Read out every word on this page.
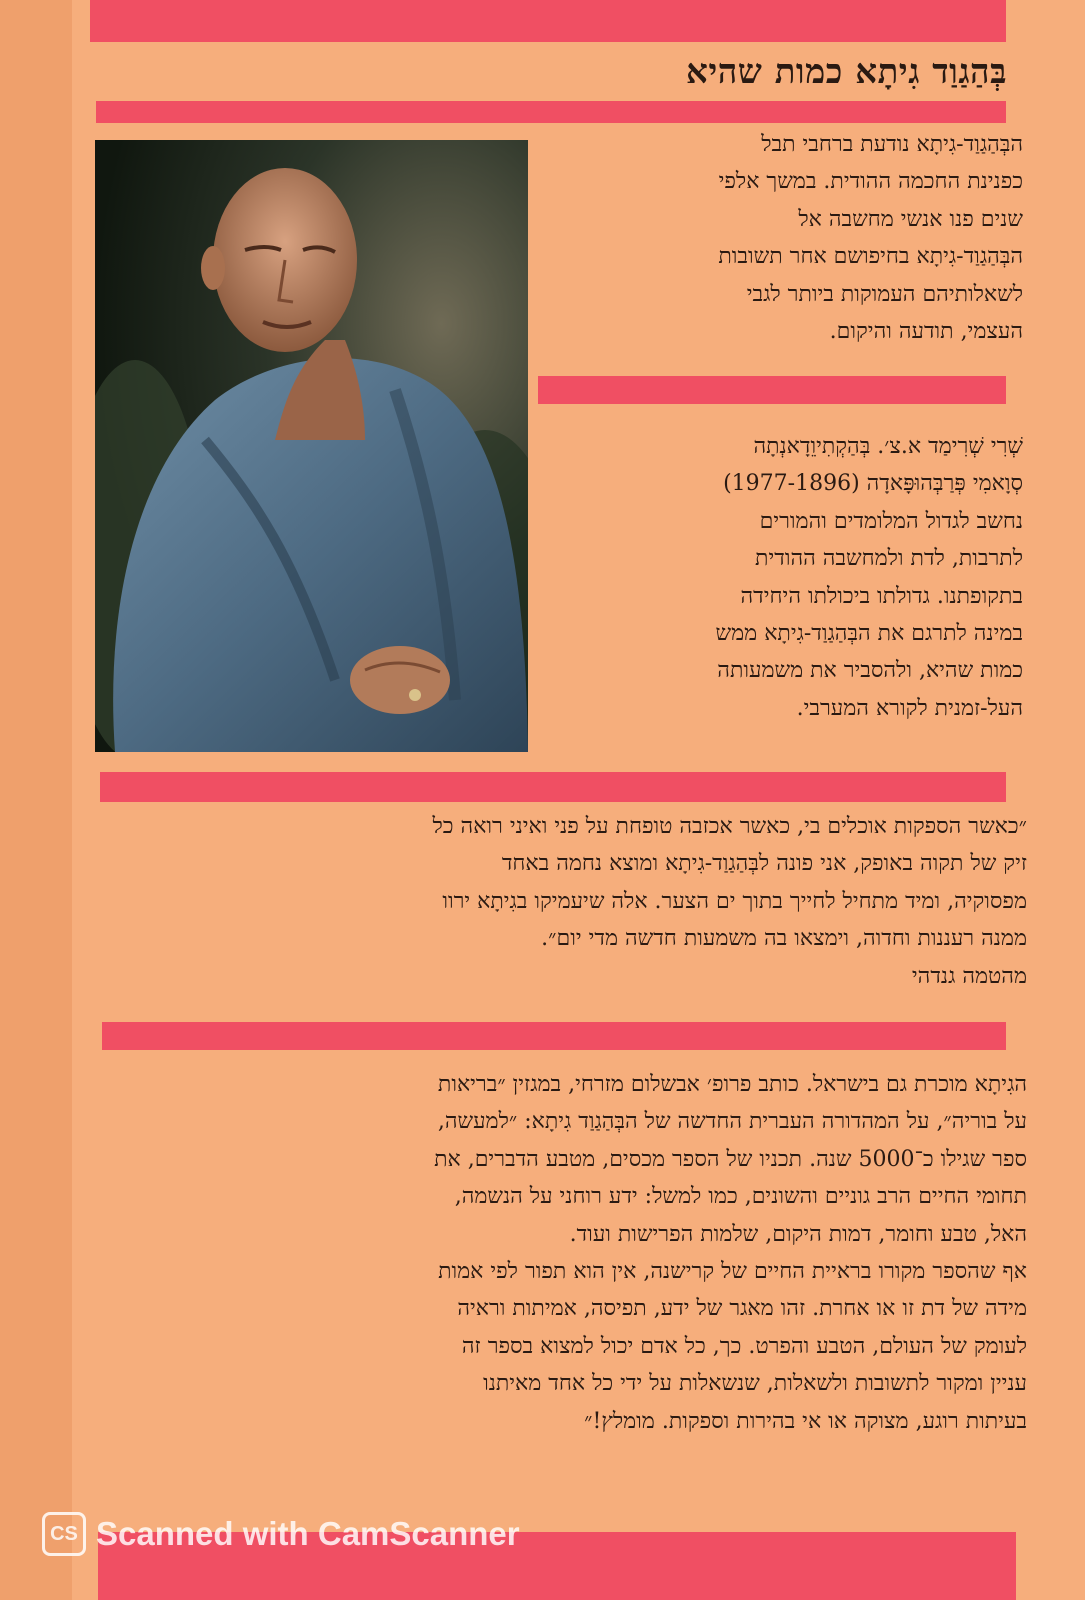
בְּהַגַוַד גִיתָא כמות שהיא
הבְּהַגַוַד-גִיתָא נודעת ברחבי תבל
כפנינת החכמה ההודית. במשך אלפי
שנים פנו אנשי מחשבה אל
הבְּהַגַוַד-גִיתָא בחיפושם אחר תשובות
לשאלותיהם העמוקות ביותר לגבי
העצמי, תודעה והיקום.
שְׁרִי שְׁרִימַד א.צ׳. בְּהַקְתִיוֵדָאנְתָה
סְוָאמִי פְּרַבְּהוּפָּאדָה (1977-1896)
נחשב לגדול המלומדים והמורים
לתרבות, לדת ולמחשבה ההודית
בתקופתנו. גדולתו ביכולתו היחידה
במינה לתרגם את הבְּהַגַוַד-גִיתָא ממש
כמות שהיא, ולהסביר את משמעותה
העל-זמנית לקורא המערבי.
״כאשר הספקות אוכלים בי, כאשר אכזבה טופחת על פני ואיני רואה כל
זיק של תקוה באופק, אני פונה לבְּהַגַוַד-גִיתָא ומוצא נחמה באחד
מפסוקיה, ומיד מתחיל לחייך בתוך ים הצער. אלה שיעמיקו בגִיתָא ירוו
ממנה רעננות וחדוה, וימצאו בה משמעות חדשה מדי יום״.
מהטמה גנדהי
הגִיתָא מוכרת גם בישראל. כותב פרופ׳ אבשלום מזרחי, במגזין ״בריאות
על בוריה״, על המהדורה העברית החדשה של הבְּהַגַוַד גִיתָא: ״למעשה,
ספר שגילו כ־5000 שנה. תכניו של הספר מכסים, מטבע הדברים, את
תחומי החיים הרב גוניים והשונים, כמו למשל: ידע רוחני על הנשמה,
האל, טבע וחומר, דמות היקום, שלמות הפרישות ועוד.
אף שהספר מקורו בראיית החיים של קרישנה, אין הוא תפור לפי אמות
מידה של דת זו או אחרת. זהו מאגר של ידע, תפיסה, אמיתות וראיה
לעומק של העולם, הטבע והפרט. כך, כל אדם יכול למצוא בספר זה
עניין ומקור לתשובות ולשאלות, שנשאלות על ידי כל אחד מאיתנו
בעיתות רוגע, מצוקה או אי בהירות וספקות. מומלץ!״
CS Scanned with CamScanner
